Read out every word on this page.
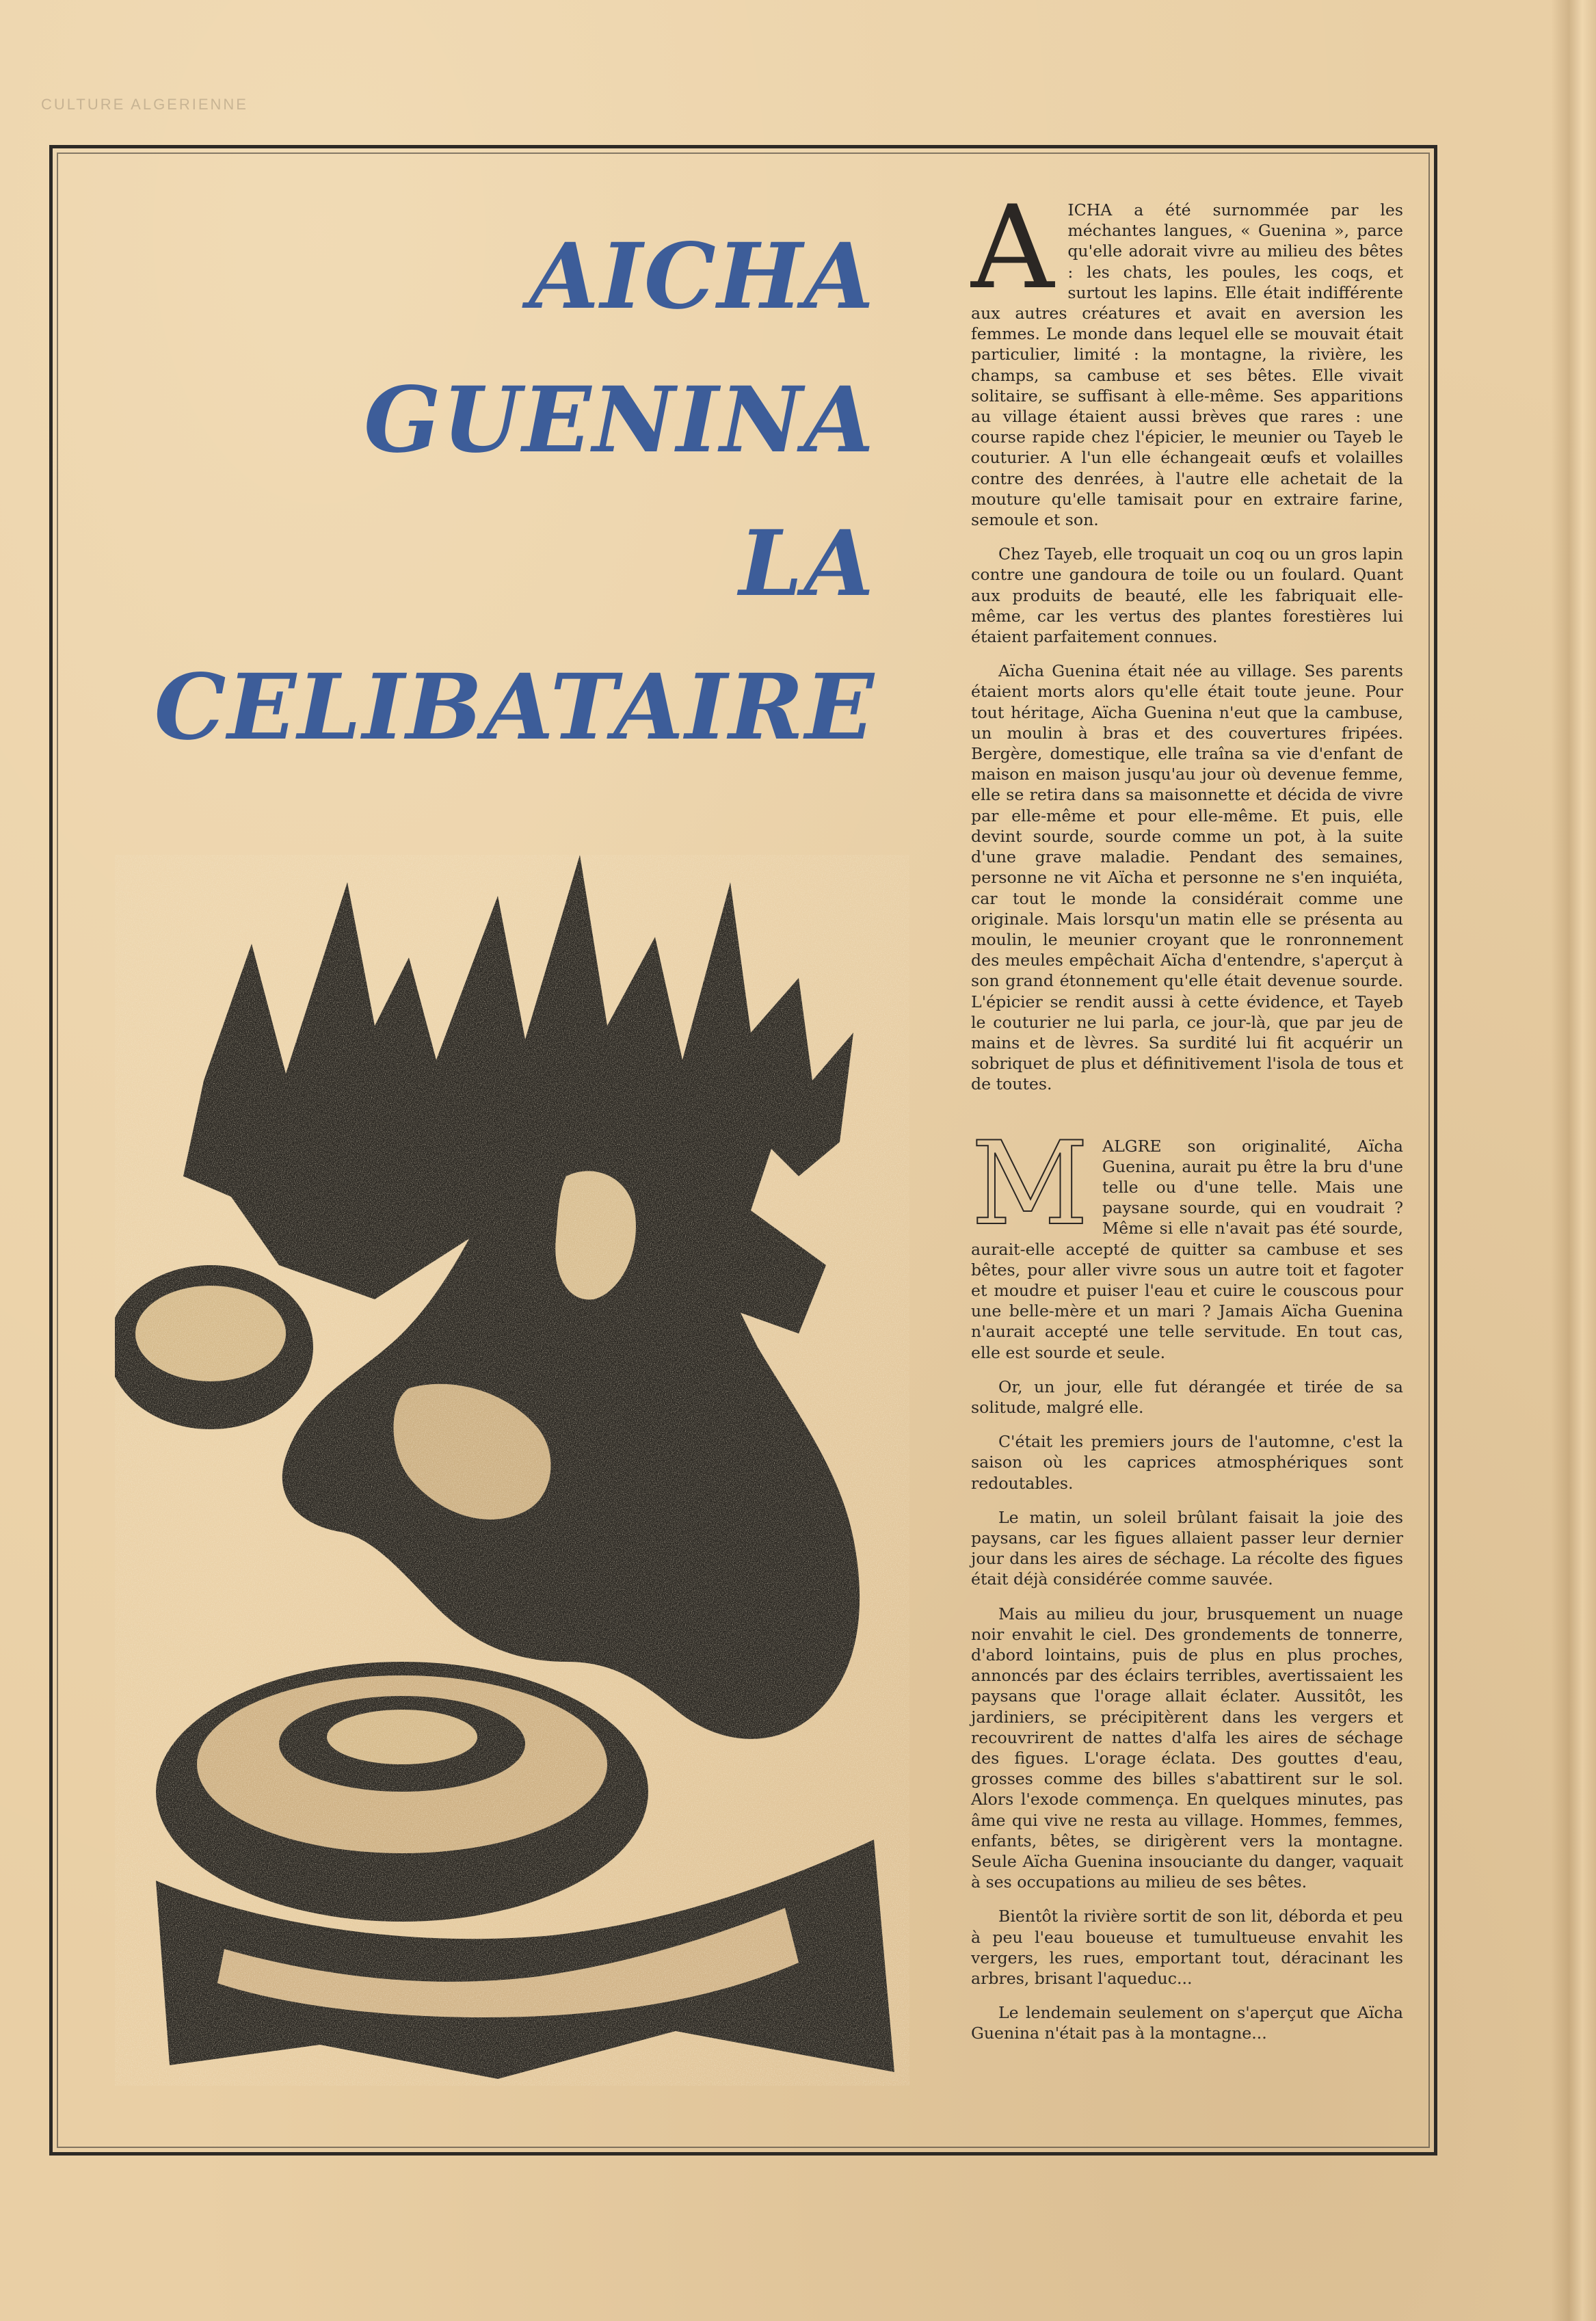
CULTURE ALGERIENNE
AICHA
GUENINA
LA
CELIBATAIRE

AICHA a été surnommée par les méchantes langues, « Guenina », parce qu'elle adorait vivre au milieu des bêtes : les chats, les poules, les coqs, et surtout les lapins. Elle était indifférente aux autres créatures et avait en aversion les femmes. Le monde dans lequel elle se mouvait était particulier, limité : la montagne, la rivière, les champs, sa cambuse et ses bêtes. Elle vivait solitaire, se suffisant à elle-même. Ses apparitions au village étaient aussi brèves que rares : une course rapide chez l'épicier, le meunier ou Tayeb le couturier. A l'un elle échangeait œufs et volailles contre des denrées, à l'autre elle achetait de la mouture qu'elle tamisait pour en extraire farine, semoule et son.

Chez Tayeb, elle troquait un coq ou un gros lapin contre une gandoura de toile ou un foulard. Quant aux produits de beauté, elle les fabriquait elle-même, car les vertus des plantes forestières lui étaient parfaitement connues.

Aïcha Guenina était née au village. Ses parents étaient morts alors qu'elle était toute jeune. Pour tout héritage, Aïcha Guenina n'eut que la cambuse, un moulin à bras et des couvertures fripées. Bergère, domestique, elle traîna sa vie d'enfant de maison en maison jusqu'au jour où devenue femme, elle se retira dans sa maisonnette et décida de vivre par elle-même et pour elle-même. Et puis, elle devint sourde, sourde comme un pot, à la suite d'une grave maladie. Pendant des semaines, personne ne vit Aïcha et personne ne s'en inquiéta, car tout le monde la considérait comme une originale. Mais lorsqu'un matin elle se présenta au moulin, le meunier croyant que le ronronnement des meules empêchait Aïcha d'entendre, s'aperçut à son grand étonnement qu'elle était devenue sourde. L'épicier se rendit aussi à cette évidence, et Tayeb le couturier ne lui parla, ce jour-là, que par jeu de mains et de lèvres. Sa surdité lui fit acquérir un sobriquet de plus et définitivement l'isola de tous et de toutes.

MALGRE son originalité, Aïcha Guenina, aurait pu être la bru d'une telle ou d'une telle. Mais une paysane sourde, qui en voudrait ? Même si elle n'avait pas été sourde, aurait-elle accepté de quitter sa cambuse et ses bêtes, pour aller vivre sous un autre toit et fagoter et moudre et puiser l'eau et cuire le couscous pour une belle-mère et un mari ? Jamais Aïcha Guenina n'aurait accepté une telle servitude. En tout cas, elle est sourde et seule.

Or, un jour, elle fut dérangée et tirée de sa solitude, malgré elle.

C'était les premiers jours de l'automne, c'est la saison où les caprices atmosphériques sont redoutables.

Le matin, un soleil brûlant faisait la joie des paysans, car les figues allaient passer leur dernier jour dans les aires de séchage. La récolte des figues était déjà considérée comme sauvée.

Mais au milieu du jour, brusquement un nuage noir envahit le ciel. Des grondements de tonnerre, d'abord lointains, puis de plus en plus proches, annoncés par des éclairs terribles, avertissaient les paysans que l'orage allait éclater. Aussitôt, les jardiniers, se précipitèrent dans les vergers et recouvrirent de nattes d'alfa les aires de séchage des figues. L'orage éclata. Des gouttes d'eau, grosses comme des billes s'abattirent sur le sol. Alors l'exode commença. En quelques minutes, pas âme qui vive ne resta au village. Hommes, femmes, enfants, bêtes, se dirigèrent vers la montagne. Seule Aïcha Guenina insouciante du danger, vaquait à ses occupations au milieu de ses bêtes.

Bientôt la rivière sortit de son lit, déborda et peu à peu l'eau boueuse et tumultueuse envahit les vergers, les rues, emportant tout, déracinant les arbres, brisant l'aqueduc...

Le lendemain seulement on s'aperçut que Aïcha Guenina n'était pas à la montagne...
